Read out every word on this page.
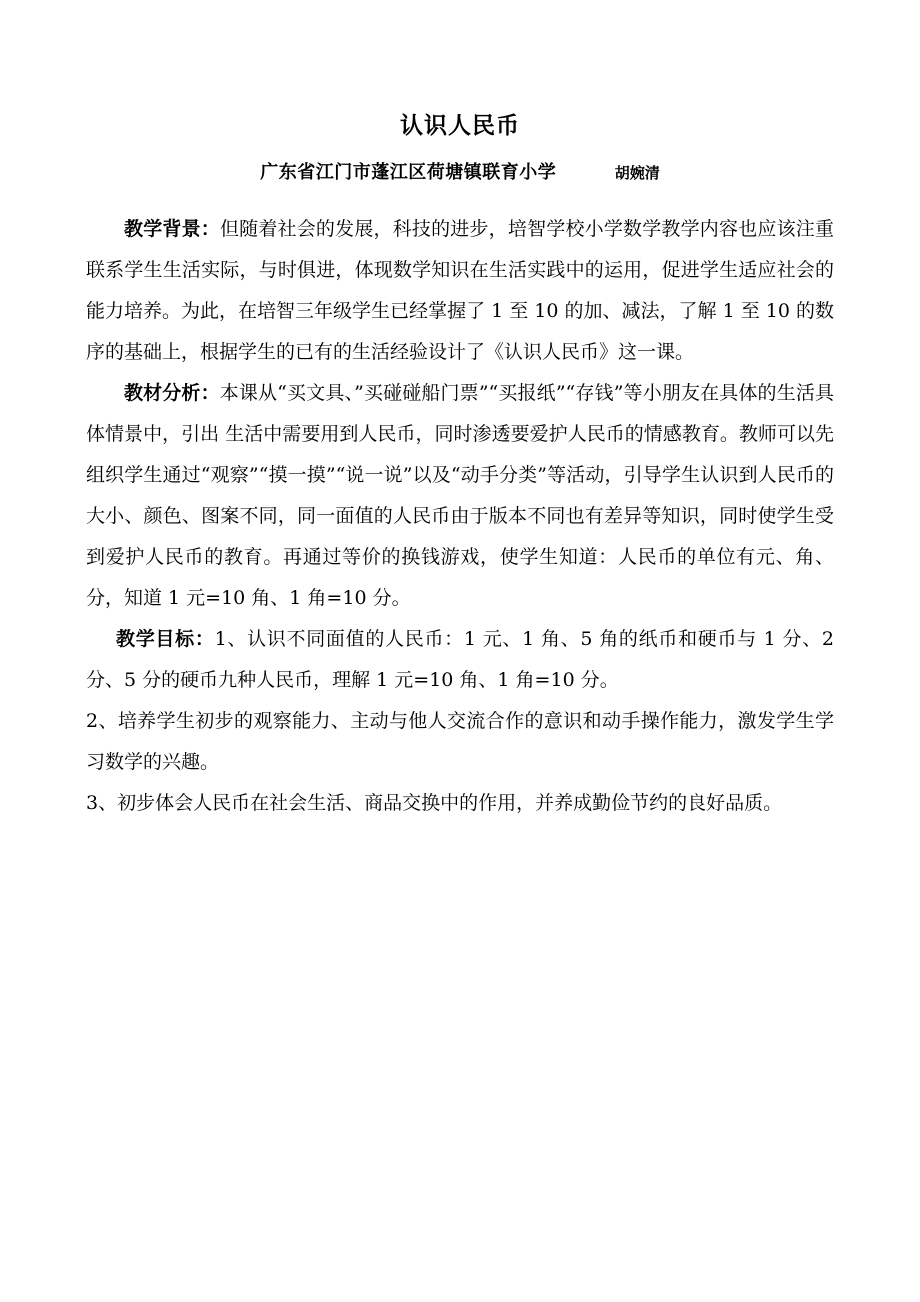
认识人民币
广东省江门市蓬江区荷塘镇联育小学	胡婉清

教学背景：但随着社会的发展，科技的进步，培智学校小学数学教学内容也应该注重联系学生生活实际，与时俱进，体现数学知识在生活实践中的运用，促进学生适应社会的能力培养。为此，在培智三年级学生已经掌握了 1 至 10 的加、减法，了解 1 至 10 的数序的基础上，根据学生的已有的生活经验设计了《认识人民币》这一课。

教材分析：本课从“买文具、”买碰碰船门票”“买报纸”“存钱”等小朋友在具体的生活具体情景中，引出 生活中需要用到人民币，同时渗透要爱护人民币的情感教育。教师可以先组织学生通过“观察”“摸一摸”“说一说”以及“动手分类”等活动，引导学生认识到人民币的大小、颜色、图案不同，同一面值的人民币由于版本不同也有差异等知识，同时使学生受到爱护人民币的教育。再通过等价的换钱游戏，使学生知道：人民币的单位有元、角、分，知道 1 元=10 角、1 角=10 分。

教学目标：1、认识不同面值的人民币：1 元、1 角、5 角的纸币和硬币与 1 分、2 分、5 分的硬币九种人民币，理解 1 元=10 角、1 角=10 分。

2、培养学生初步的观察能力、主动与他人交流合作的意识和动手操作能力，激发学生学习数学的兴趣。

3、初步体会人民币在社会生活、商品交换中的作用，并养成勤俭节约的良好品质。
